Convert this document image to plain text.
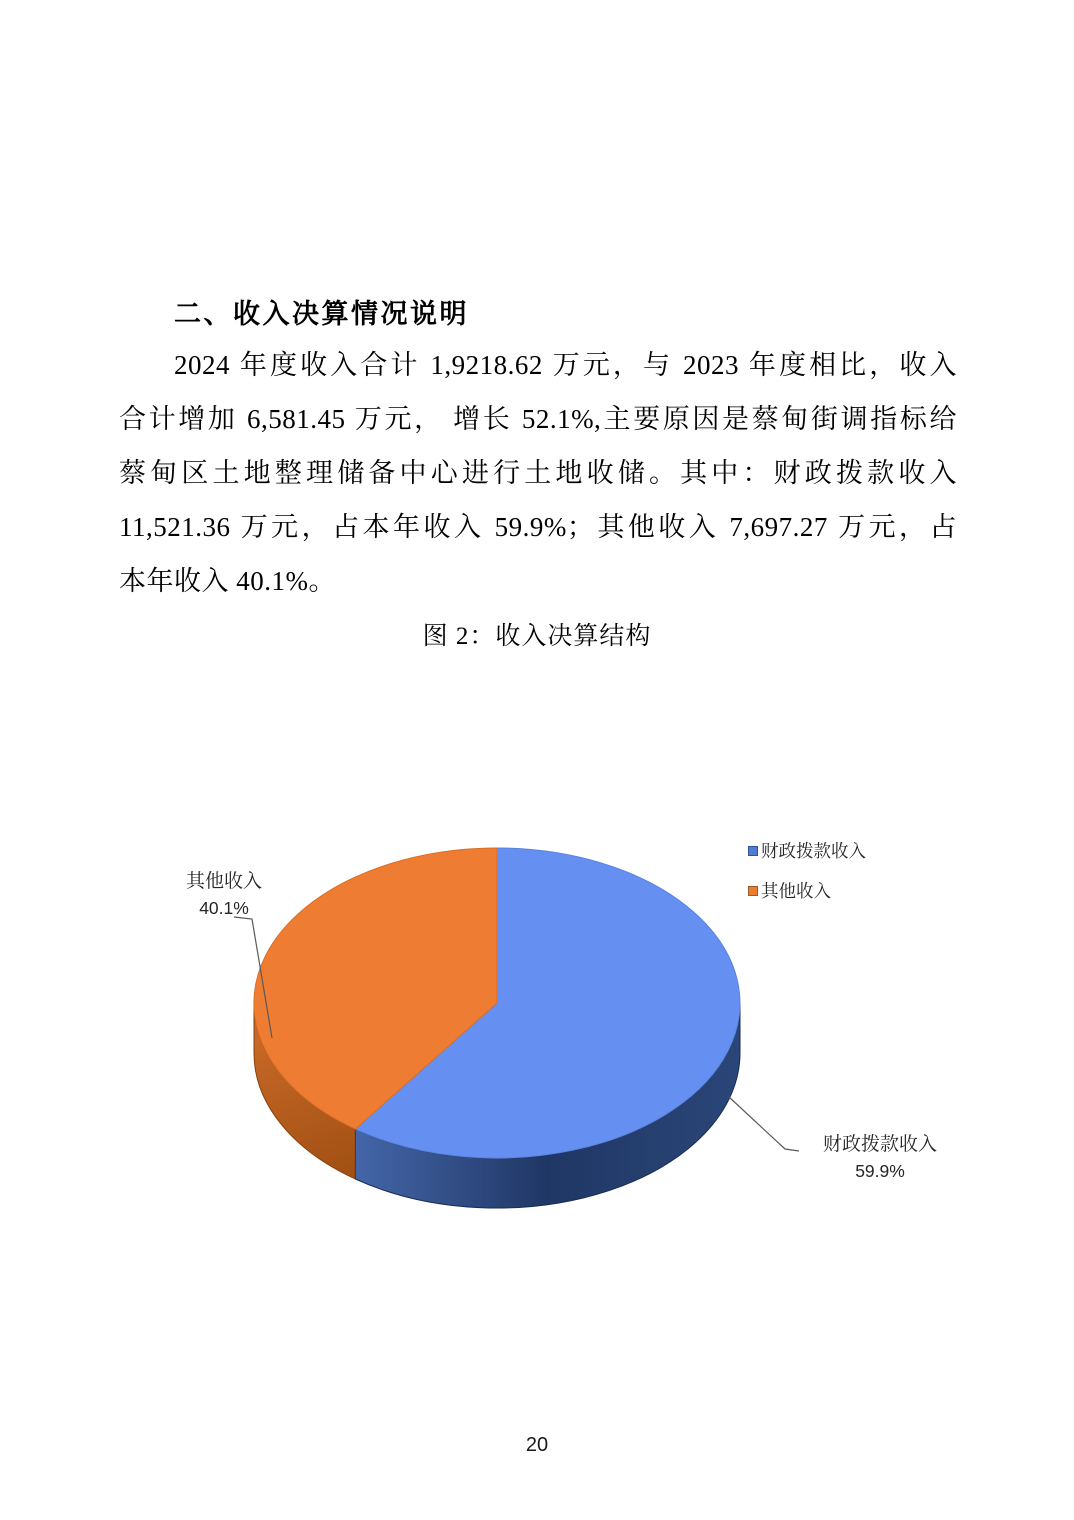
二、收入决算情况说明
2024 年度收入合计 1,9218.62 万元，与 2023 年度相比，收入
合计增加 6,581.45 万元， 增长 52.1%,主要原因是蔡甸街调指标给
蔡甸区土地整理储备中心进行土地收储。其中：财政拨款收入
11,521.36 万元，占本年收入 59.9%；其他收入 7,697.27 万元，占
本年收入 40.1%。
图 2：收入决算结构
其他收入
40.1%
财政拨款收入
59.9%
财政拨款收入
其他收入
20
